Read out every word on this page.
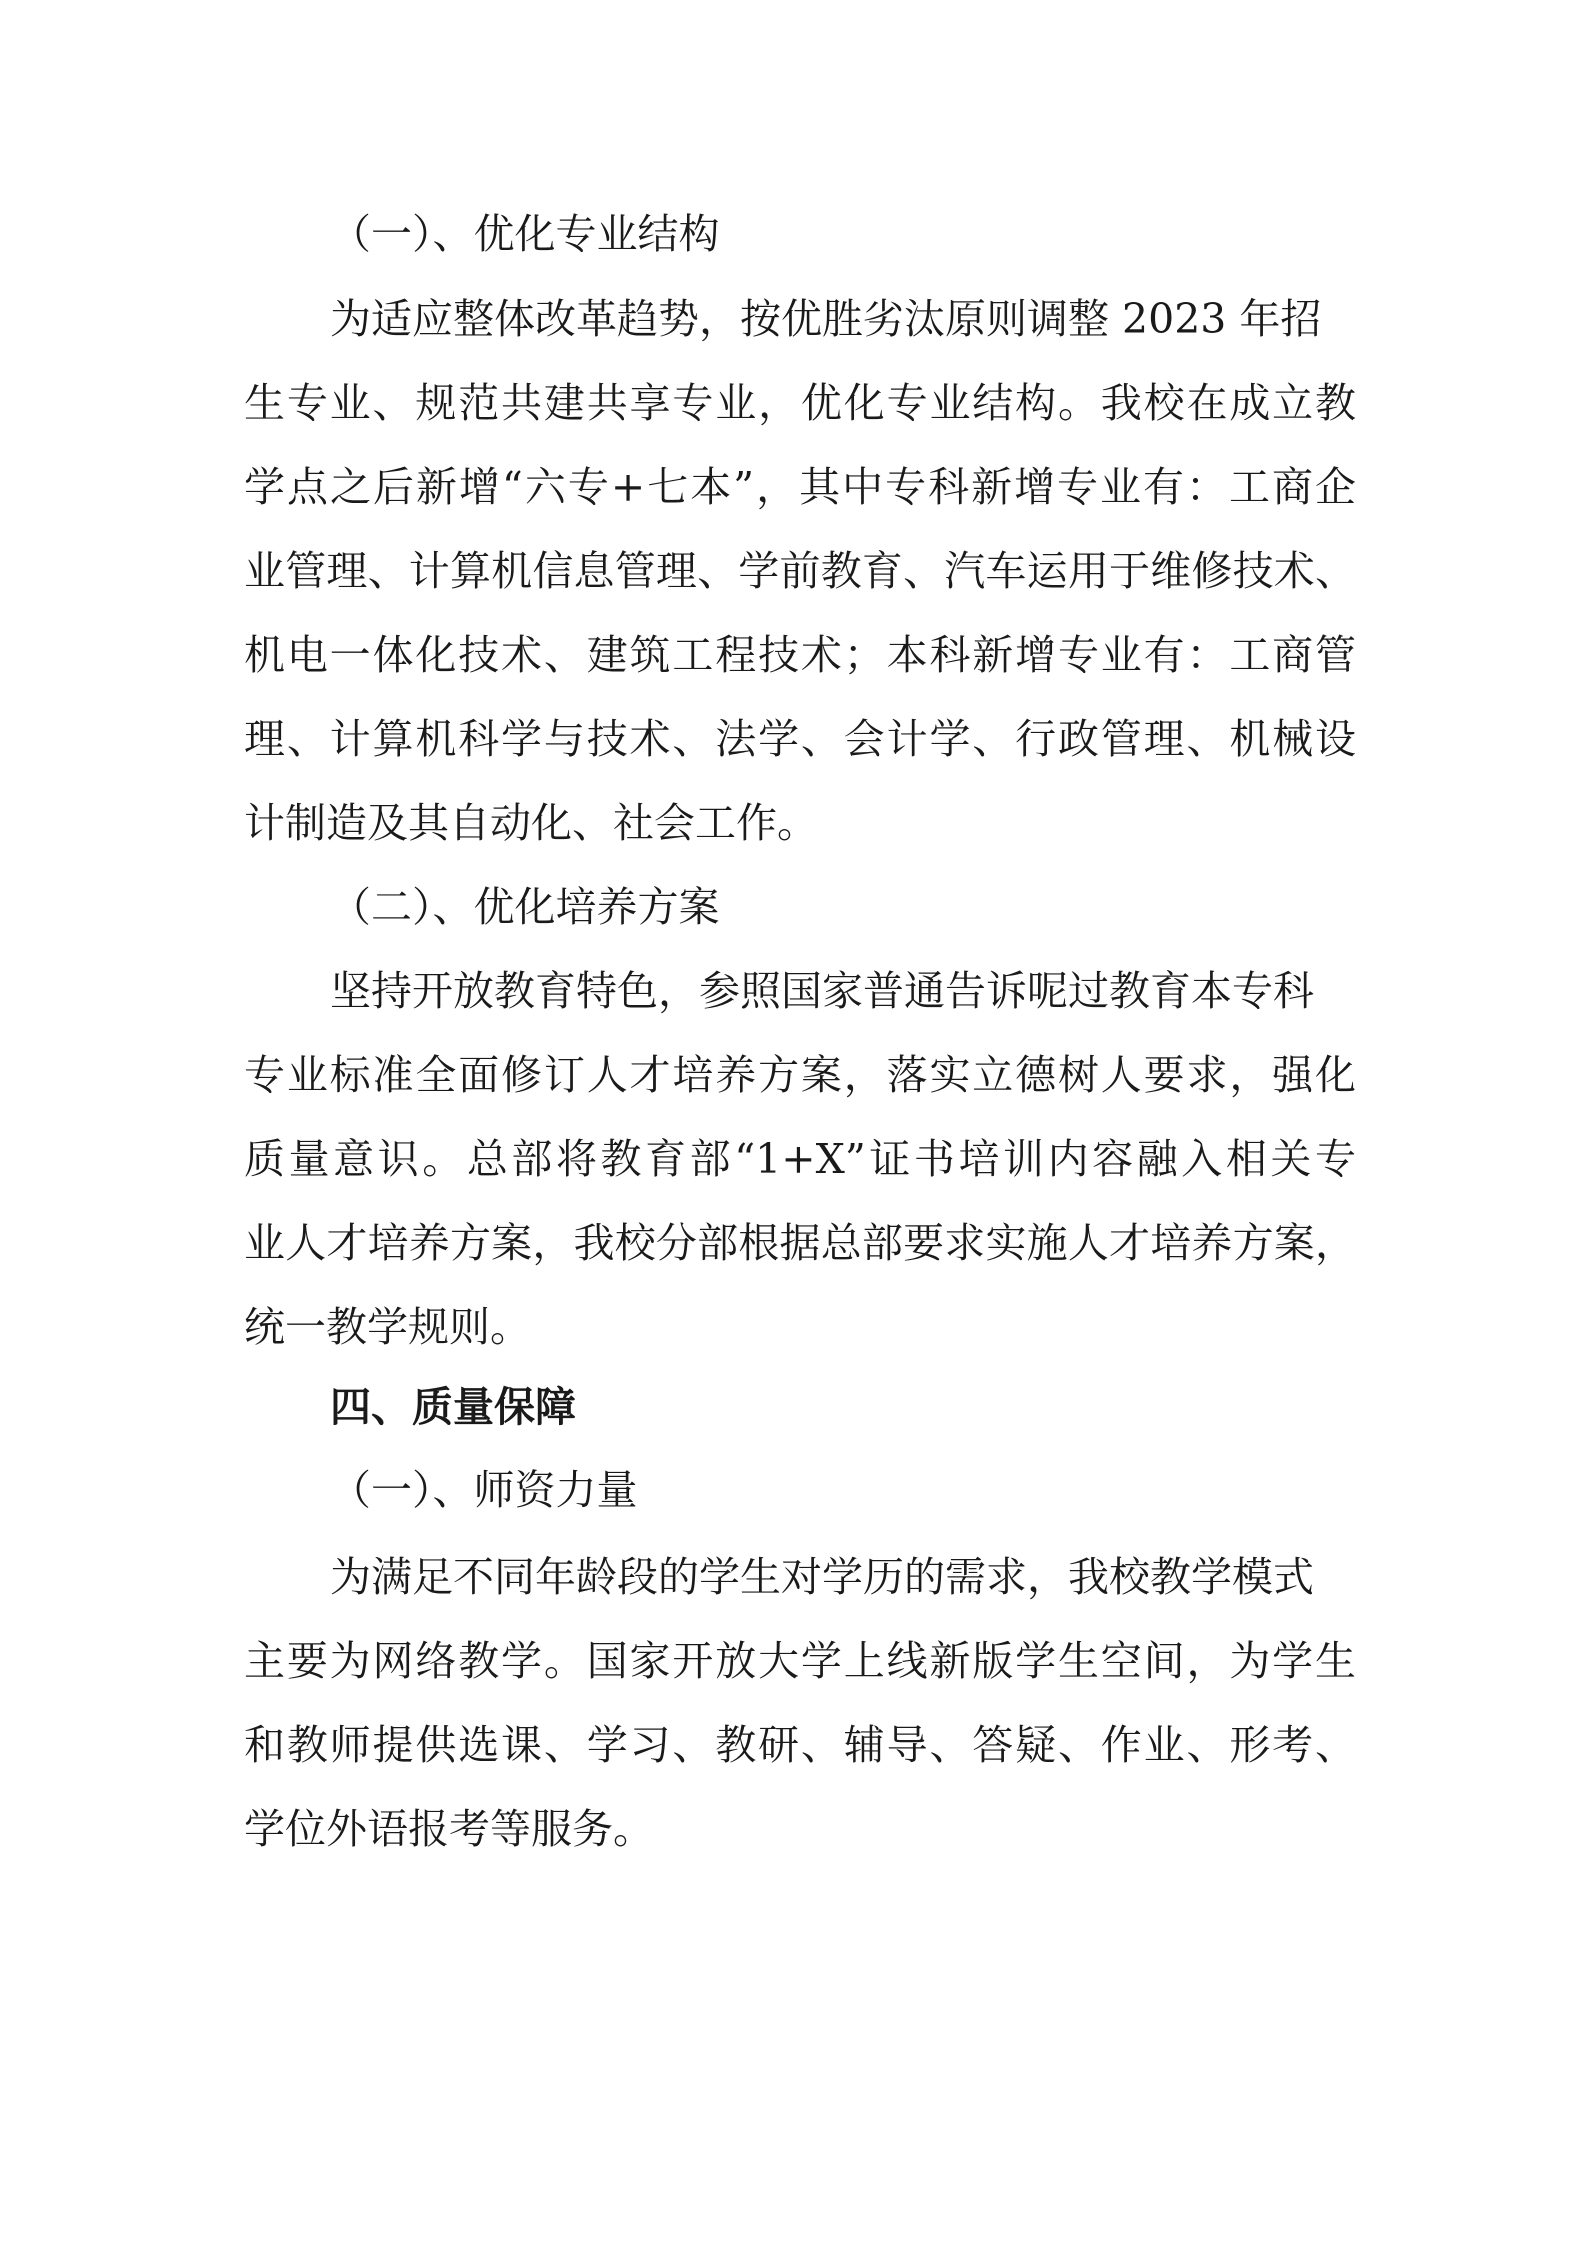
（一）、优化专业结构
为适应整体改革趋势，按优胜劣汰原则调整 2023 年招
生专业、规范共建共享专业，优化专业结构。我校在成立教
学点之后新增“六专+七本”，其中专科新增专业有：工商企
业管理、计算机信息管理、学前教育、汽车运用于维修技术、
机电一体化技术、建筑工程技术；本科新增专业有：工商管
理、计算机科学与技术、法学、会计学、行政管理、机械设
计制造及其自动化、社会工作。
（二）、优化培养方案
坚持开放教育特色，参照国家普通告诉呢过教育本专科
专业标准全面修订人才培养方案，落实立德树人要求，强化
质量意识。总部将教育部“1+X”证书培训内容融入相关专
业人才培养方案，我校分部根据总部要求实施人才培养方案，
统一教学规则。
四、质量保障
（一）、师资力量
为满足不同年龄段的学生对学历的需求，我校教学模式
主要为网络教学。国家开放大学上线新版学生空间，为学生
和教师提供选课、学习、教研、辅导、答疑、作业、形考、
学位外语报考等服务。
